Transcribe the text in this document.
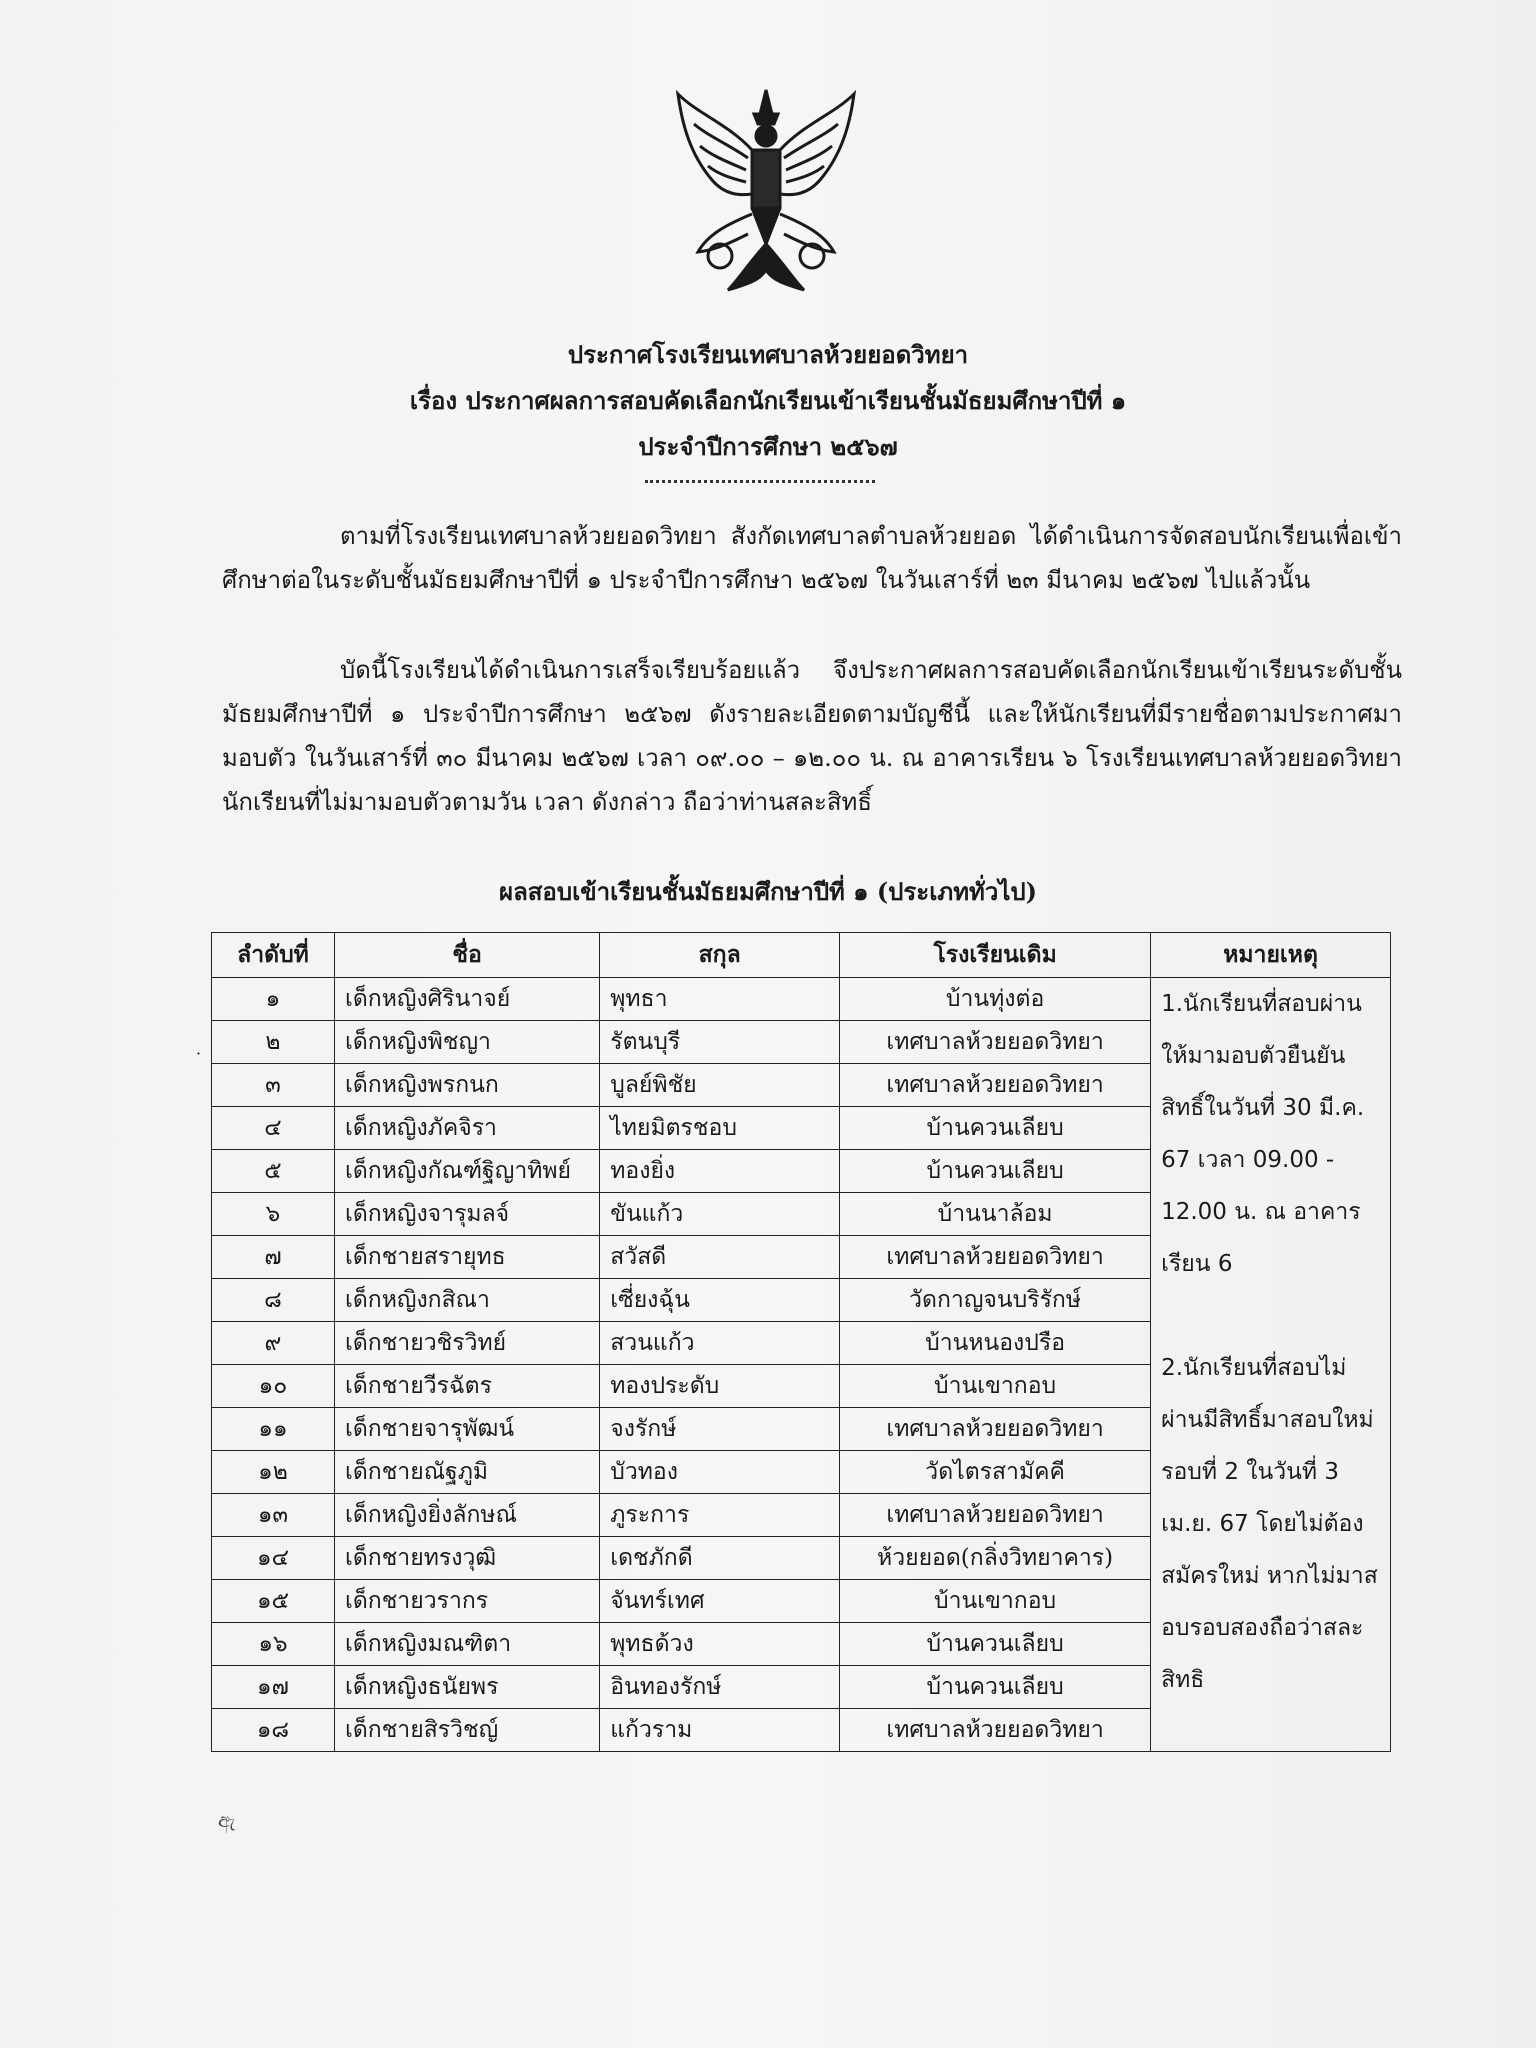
ประกาศโรงเรียนเทศบาลห้วยยอดวิทยา
เรื่อง ประกาศผลการสอบคัดเลือกนักเรียนเข้าเรียนชั้นมัธยมศึกษาปีที่ ๑
ประจำปีการศึกษา ๒๕๖๗
ตามที่โรงเรียนเทศบาลห้วยยอดวิทยา สังกัดเทศบาลตำบลห้วยยอด ได้ดำเนินการจัดสอบนักเรียนเพื่อเข้าศึกษาต่อในระดับชั้นมัธยมศึกษาปีที่ ๑ ประจำปีการศึกษา ๒๕๖๗ ในวันเสาร์ที่ ๒๓ มีนาคม ๒๕๖๗ ไปแล้วนั้น
บัดนี้โรงเรียนได้ดำเนินการเสร็จเรียบร้อยแล้ว จึงประกาศผลการสอบคัดเลือกนักเรียนเข้าเรียนระดับชั้นมัธยมศึกษาปีที่ ๑ ประจำปีการศึกษา ๒๕๖๗ ดังรายละเอียดตามบัญชีนี้ และให้นักเรียนที่มีรายชื่อตามประกาศมามอบตัว ในวันเสาร์ที่ ๓๐ มีนาคม ๒๕๖๗ เวลา ๐๙.๐๐ – ๑๒.๐๐ น. ณ อาคารเรียน ๖ โรงเรียนเทศบาลห้วยยอดวิทยา นักเรียนที่ไม่มามอบตัวตามวัน เวลา ดังกล่าว ถือว่าท่านสละสิทธิ์
ผลสอบเข้าเรียนชั้นมัธยมศึกษาปีที่ ๑ (ประเภททั่วไป)
·
ลำดับที่	ชื่อ	สกุล	โรงเรียนเดิม	หมายเหตุ
๑	เด็กหญิงศิรินาจย์	พุทธา	บ้านทุ่งต่อ	1.นักเรียนที่สอบผ่านให้มามอบตัวยืนยันสิทธิ์ในวันที่ 30 มี.ค. 67 เวลา 09.00 - 12.00 น. ณ อาคารเรียน 6
2.นักเรียนที่สอบไม่ผ่านมีสิทธิ์มาสอบใหม่รอบที่ 2 ในวันที่ 3 เม.ย. 67 โดยไม่ต้องสมัครใหม่ หากไม่มาสอบรอบสองถือว่าสละสิทธิ

๒	เด็กหญิงพิชญา	รัตนบุรี	เทศบาลห้วยยอดวิทยา	
๓	เด็กหญิงพรกนก	บูลย์พิชัย	เทศบาลห้วยยอดวิทยา	
๔	เด็กหญิงภัคจิรา	ไทยมิตรชอบ	บ้านควนเลียบ	
๕	เด็กหญิงกัณฑ์ฐิญาทิพย์	ทองยิ่ง	บ้านควนเลียบ	
๖	เด็กหญิงจารุมลจ์	ขันแก้ว	บ้านนาล้อม	
๗	เด็กชายสรายุทธ	สวัสดี	เทศบาลห้วยยอดวิทยา	
๘	เด็กหญิงกสิณา	เซี่ยงฉุ้น	วัดกาญจนบริรักษ์	
๙	เด็กชายวชิรวิทย์	สวนแก้ว	บ้านหนองปรือ	
๑๐	เด็กชายวีรฉัตร	ทองประดับ	บ้านเขากอบ	
๑๑	เด็กชายจารุพัฒน์	จงรักษ์	เทศบาลห้วยยอดวิทยา	
๑๒	เด็กชายณัฐภูมิ	บัวทอง	วัดไตรสามัคคี	
๑๓	เด็กหญิงยิ่งลักษณ์	ภูระการ	เทศบาลห้วยยอดวิทยา	
๑๔	เด็กชายทรงวุฒิ	เดชภักดี	ห้วยยอด(กลิ่งวิทยาคาร)	
๑๕	เด็กชายวรากร	จันทร์เทศ	บ้านเขากอบ	
๑๖	เด็กหญิงมณฑิตา	พุทธด้วง	บ้านควนเลียบ	
๑๗	เด็กหญิงธนัยพร	อินทองรักษ์	บ้านควนเลียบ	
๑๘	เด็กชายสิรวิชญ์	แก้วราม	เทศบาลห้วยยอดวิทยา	
ඇ
